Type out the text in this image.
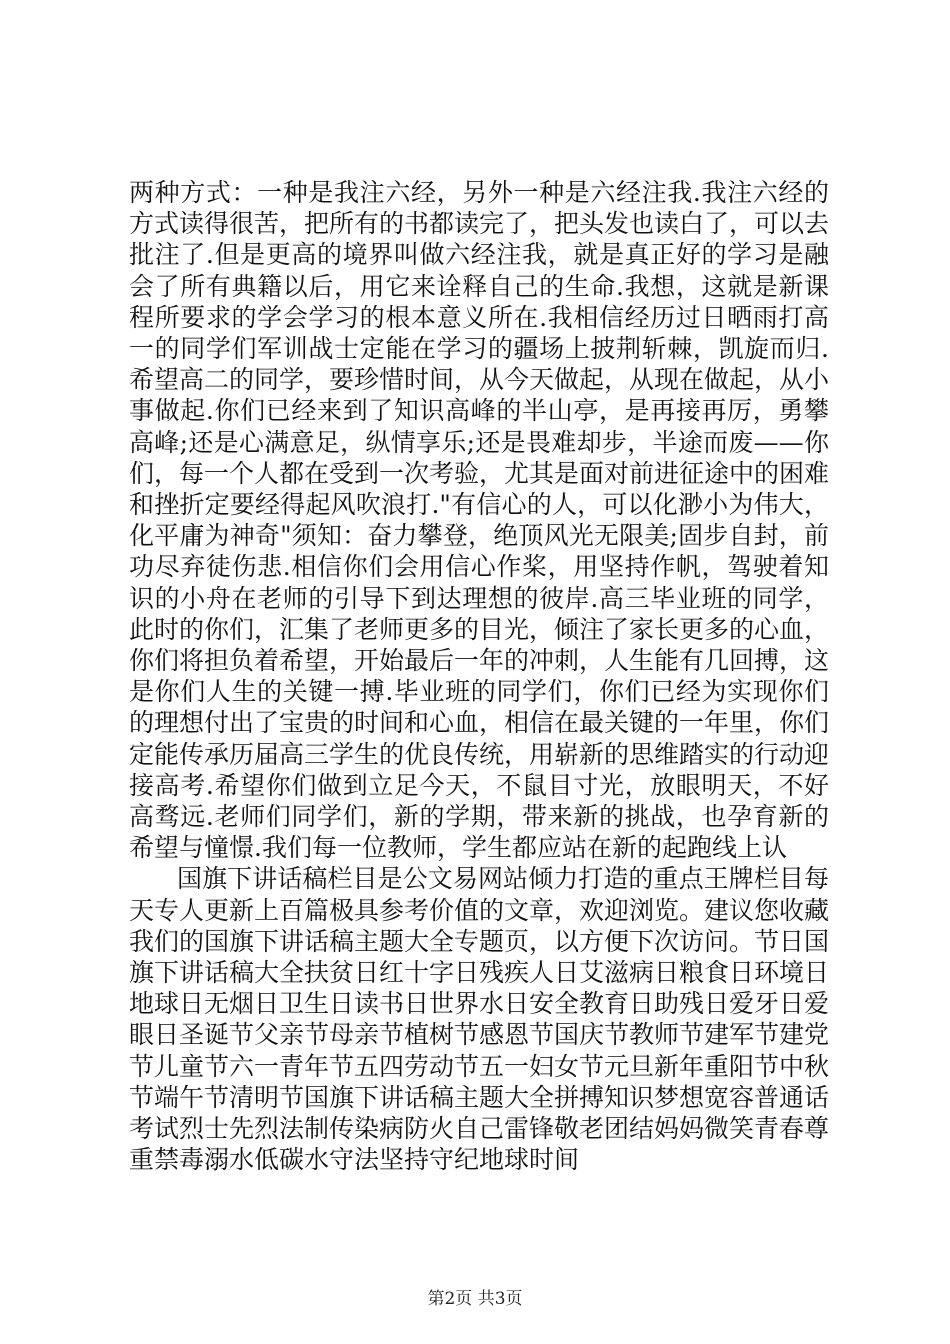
两种方式：一种是我注六经，另外一种是六经注我.我注六经的方式读得很苦，把所有的书都读完了，把头发也读白了，可以去批注了.但是更高的境界叫做六经注我，就是真正好的学习是融会了所有典籍以后，用它来诠释自己的生命.我想，这就是新课程所要求的学会学习的根本意义所在.我相信经历过日晒雨打高一的同学们军训战士定能在学习的疆场上披荆斩棘，凯旋而归.希望高二的同学，要珍惜时间，从今天做起，从现在做起，从小事做起.你们已经来到了知识高峰的半山亭，是再接再厉，勇攀高峰;还是心满意足，纵情享乐;还是畏难却步，半途而废——你们，每一个人都在受到一次考验，尤其是面对前进征途中的困难和挫折定要经得起风吹浪打."有信心的人，可以化渺小为伟大，化平庸为神奇"须知：奋力攀登，绝顶风光无限美;固步自封，前功尽弃徒伤悲.相信你们会用信心作桨，用坚持作帆，驾驶着知识的小舟在老师的引导下到达理想的彼岸.高三毕业班的同学，此时的你们，汇集了老师更多的目光，倾注了家长更多的心血，你们将担负着希望，开始最后一年的冲刺，人生能有几回搏，这是你们人生的关键一搏.毕业班的同学们，你们已经为实现你们的理想付出了宝贵的时间和心血，相信在最关键的一年里，你们定能传承历届高三学生的优良传统，用崭新的思维踏实的行动迎接高考.希望你们做到立足今天，不鼠目寸光，放眼明天，不好高骛远.老师们同学们，新的学期，带来新的挑战，也孕育新的希望与憧憬.我们每一位教师，学生都应站在新的起跑线上认

国旗下讲话稿栏目是公文易网站倾力打造的重点王牌栏目每天专人更新上百篇极具参考价值的文章，欢迎浏览。建议您收藏我们的国旗下讲话稿主题大全专题页，以方便下次访问。节日国旗下讲话稿大全扶贫日红十字日残疾人日艾滋病日粮食日环境日地球日无烟日卫生日读书日世界水日安全教育日助残日爱牙日爱眼日圣诞节父亲节母亲节植树节感恩节国庆节教师节建军节建党节儿童节六一青年节五四劳动节五一妇女节元旦新年重阳节中秋节端午节清明节国旗下讲话稿主题大全拼搏知识梦想宽容普通话考试烈士先烈法制传染病防火自己雷锋敬老团结妈妈微笑青春尊重禁毒溺水低碳水守法坚持守纪地球时间

第2页 共3页
